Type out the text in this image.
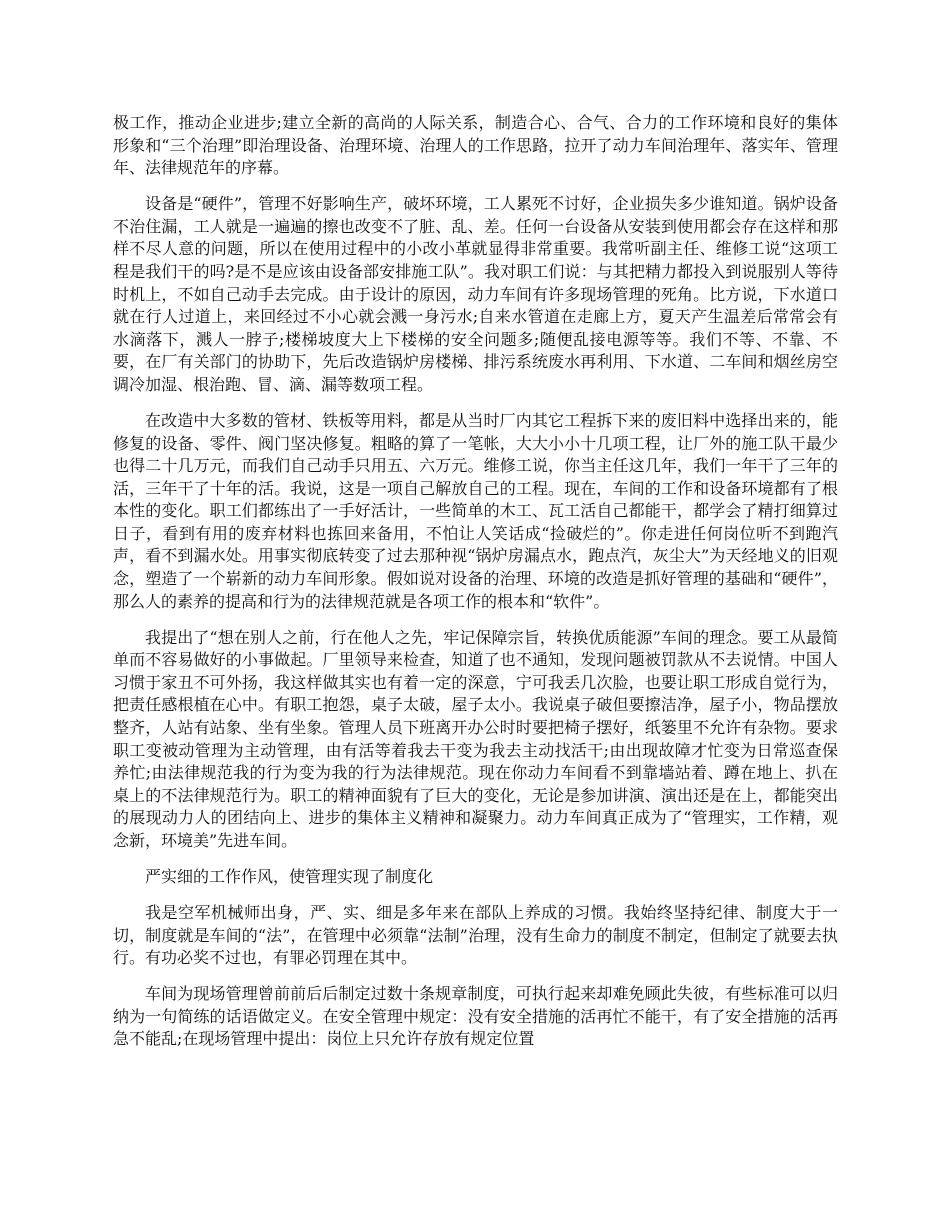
极工作，推动企业进步;建立全新的高尚的人际关系，制造合心、合气、合力的工作环境和良好的集体形象和“三个治理”即治理设备、治理环境、治理人的工作思路，拉开了动力车间治理年、落实年、管理年、法律规范年的序幕。

设备是“硬件”，管理不好影响生产，破坏环境，工人累死不讨好，企业损失多少谁知道。锅炉设备不治住漏，工人就是一遍遍的擦也改变不了脏、乱、差。任何一台设备从安装到使用都会存在这样和那样不尽人意的问题，所以在使用过程中的小改小革就显得非常重要。我常听副主任、维修工说“这项工程是我们干的吗?是不是应该由设备部安排施工队”。我对职工们说：与其把精力都投入到说服别人等待时机上，不如自己动手去完成。由于设计的原因，动力车间有许多现场管理的死角。比方说，下水道口就在行人过道上，来回经过不小心就会溅一身污水;自来水管道在走廊上方，夏天产生温差后常常会有水滴落下，溅人一脖子;楼梯坡度大上下楼梯的安全问题多;随便乱接电源等等。我们不等、不靠、不要，在厂有关部门的协助下，先后改造锅炉房楼梯、排污系统废水再利用、下水道、二车间和烟丝房空调冷加湿、根治跑、冒、滴、漏等数项工程。

在改造中大多数的管材、铁板等用料，都是从当时厂内其它工程拆下来的废旧料中选择出来的，能修复的设备、零件、阀门坚决修复。粗略的算了一笔帐，大大小小十几项工程，让厂外的施工队干最少也得二十几万元，而我们自己动手只用五、六万元。维修工说，你当主任这几年，我们一年干了三年的活，三年干了十年的活。我说，这是一项自己解放自己的工程。现在，车间的工作和设备环境都有了根本性的变化。职工们都练出了一手好活计，一些简单的木工、瓦工活自己都能干，都学会了精打细算过日子，看到有用的废弃材料也拣回来备用，不怕让人笑话成“捡破烂的”。你走进任何岗位听不到跑汽声，看不到漏水处。用事实彻底转变了过去那种视“锅炉房漏点水，跑点汽，灰尘大”为天经地义的旧观念，塑造了一个崭新的动力车间形象。假如说对设备的治理、环境的改造是抓好管理的基础和“硬件”，那么人的素养的提高和行为的法律规范就是各项工作的根本和“软件”。

我提出了“想在别人之前，行在他人之先，牢记保障宗旨，转换优质能源”车间的理念。要工从最简单而不容易做好的小事做起。厂里领导来检查，知道了也不通知，发现问题被罚款从不去说情。中国人习惯于家丑不可外扬，我这样做其实也有着一定的深意，宁可我丢几次脸，也要让职工形成自觉行为，把责任感根植在心中。有职工抱怨，桌子太破，屋子太小。我说桌子破但要擦洁净，屋子小，物品摆放整齐，人站有站象、坐有坐象。管理人员下班离开办公时时要把椅子摆好，纸篓里不允许有杂物。要求职工变被动管理为主动管理，由有活等着我去干变为我去主动找活干;由出现故障才忙变为日常巡查保养忙;由法律规范我的行为变为我的行为法律规范。现在你动力车间看不到靠墙站着、蹲在地上、扒在桌上的不法律规范行为。职工的精神面貌有了巨大的变化，无论是参加讲演、演出还是在上，都能突出的展现动力人的团结向上、进步的集体主义精神和凝聚力。动力车间真正成为了“管理实，工作精，观念新，环境美”先进车间。

严实细的工作作风，使管理实现了制度化

我是空军机械师出身，严、实、细是多年来在部队上养成的习惯。我始终坚持纪律、制度大于一切，制度就是车间的“法”，在管理中必须靠“法制”治理，没有生命力的制度不制定，但制定了就要去执行。有功必奖不过也，有罪必罚理在其中。

车间为现场管理曾前前后后制定过数十条规章制度，可执行起来却难免顾此失彼，有些标准可以归纳为一句简练的话语做定义。在安全管理中规定：没有安全措施的活再忙不能干，有了安全措施的活再急不能乱;在现场管理中提出：岗位上只允许存放有规定位置
